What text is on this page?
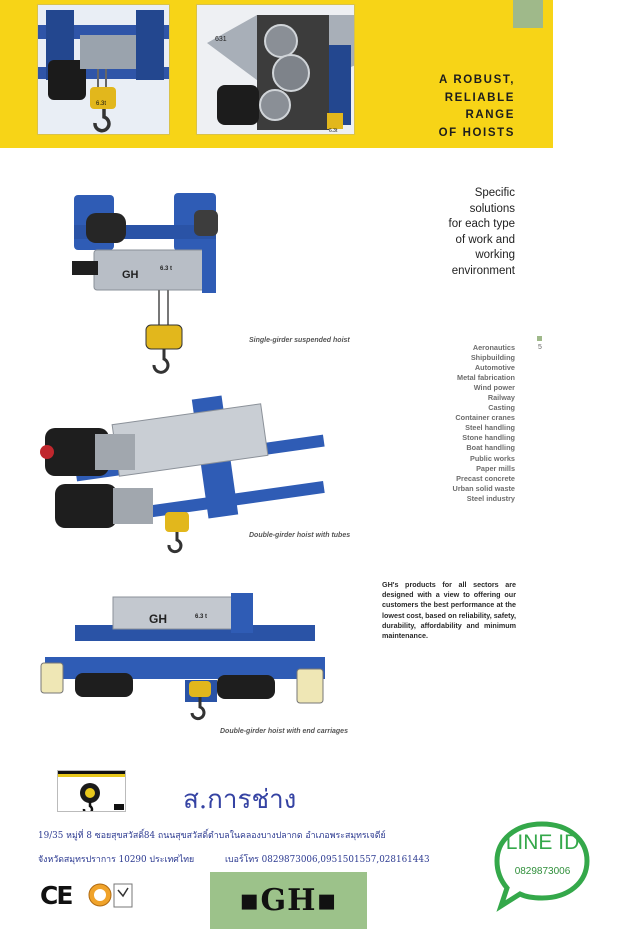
6.3t
631
6.3t
A ROBUST,
RELIABLE
RANGE
OF HOISTS
Specific
solutions
for each type
of work and
working
environment
5
Aeronautics
Shipbuilding
Automotive
Metal fabrication
Wind power
Railway
Casting
Container cranes
Steel handling
Stone handling
Boat handling
Public works
Paper mills
Precast concrete
Urban solid waste
Steel industry
GH's products for all sectors are designed with a view to offering our customers the best performance at the lowest cost, based on reliability, safety, durability, affordability and minimum maintenance.
GH	6.3 t
Single-girder suspended hoist
Double-girder hoist with tubes
GH	6.3 t
Double-girder hoist with end carriages
ส.การช่าง
19/35 หมู่ที่ 8 ซอยสุขสวัสดิ์84 ถนนสุขสวัสดิ์ตำบลในคลองบางปลากด อำเภอพระสมุทรเจดีย์
จังหวัดสมุทรปราการ 10290 ประเทศไทย	เบอร์โทร 0829873006,0951501557,028161443
CE	▪GH▪
LINE ID
0829873006
